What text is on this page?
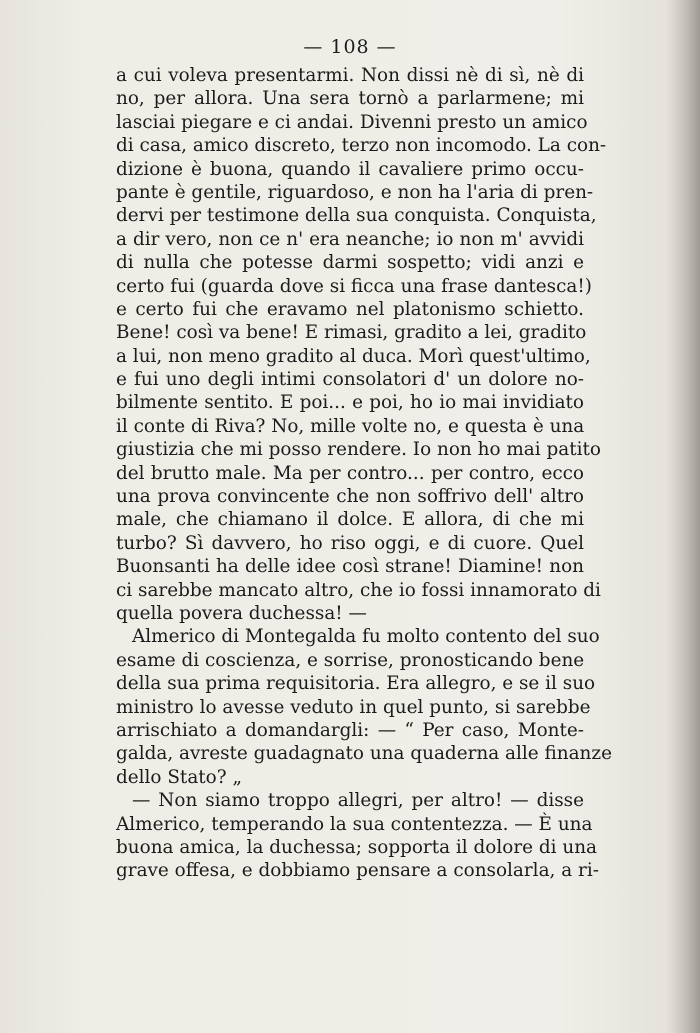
— 108 —
a cui voleva presentarmi. Non dissi nè di sì, nè di
no, per allora. Una sera tornò a parlarmene; mi
lasciai piegare e ci andai. Divenni presto un amico
di casa, amico discreto, terzo non incomodo. La con-
dizione è buona, quando il cavaliere primo occu-
pante è gentile, riguardoso, e non ha l'aria di pren-
dervi per testimone della sua conquista. Conquista,
a dir vero, non ce n' era neanche; io non m' avvidi
di nulla che potesse darmi sospetto; vidi anzi e
certo fui (guarda dove si ficca una frase dantesca!)
e certo fui che eravamo nel platonismo schietto.
Bene! così va bene! E rimasi, gradito a lei, gradito
a lui, non meno gradito al duca. Morì quest'ultimo,
e fui uno degli intimi consolatori d' un dolore no-
bilmente sentito. E poi... e poi, ho io mai invidiato
il conte di Riva? No, mille volte no, e questa è una
giustizia che mi posso rendere. Io non ho mai patito
del brutto male. Ma per contro... per contro, ecco
una prova convincente che non soffrivo dell' altro
male, che chiamano il dolce. E allora, di che mi
turbo? Sì davvero, ho riso oggi, e di cuore. Quel
Buonsanti ha delle idee così strane! Diamine! non
ci sarebbe mancato altro, che io fossi innamorato di
quella povera duchessa! —
Almerico di Montegalda fu molto contento del suo
esame di coscienza, e sorrise, pronosticando bene
della sua prima requisitoria. Era allegro, e se il suo
ministro lo avesse veduto in quel punto, si sarebbe
arrischiato a domandargli: — “ Per caso, Monte-
galda, avreste guadagnato una quaderna alle finanze
dello Stato? „
— Non siamo troppo allegri, per altro! — disse
Almerico, temperando la sua contentezza. — È una
buona amica, la duchessa; sopporta il dolore di una
grave offesa, e dobbiamo pensare a consolarla, a ri-
